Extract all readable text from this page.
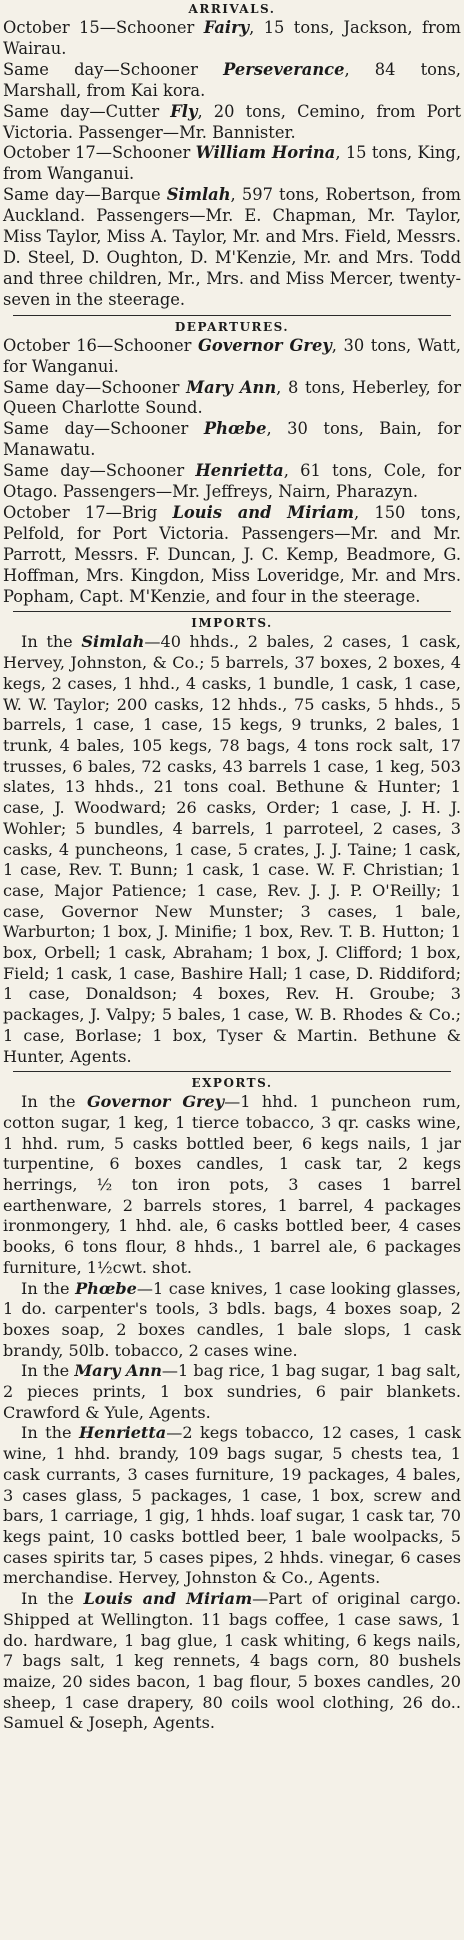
ARRIVALS.

October 15—Schooner Fairy, 15 tons, Jackson, from Wairau.

Same day—Schooner Perseverance, 84 tons, Marshall, from Kai kora.

Same day—Cutter Fly, 20 tons, Cemino, from Port Victoria. Passenger—Mr. Bannister.

October 17—Schooner William Horina, 15 tons, King, from Wanganui.

Same day—Barque Simlah, 597 tons, Robertson, from Auckland. Passengers—Mr. E. Chapman, Mr. Taylor, Miss Taylor, Miss A. Taylor, Mr. and Mrs. Field, Messrs. D. Steel, D. Oughton, D. M'Kenzie, Mr. and Mrs. Todd and three children, Mr., Mrs. and Miss Mercer, twenty-seven in the steerage.

DEPARTURES.

October 16—Schooner Governor Grey, 30 tons, Watt, for Wanganui.

Same day—Schooner Mary Ann, 8 tons, Heberley, for Queen Charlotte Sound.

Same day—Schooner Phœbe, 30 tons, Bain, for Manawatu.

Same day—Schooner Henrietta, 61 tons, Cole, for Otago. Passengers—Mr. Jeffreys, Nairn, Pharazyn.

October 17—Brig Louis and Miriam, 150 tons, Pelfold, for Port Victoria. Passengers—Mr. and Mr. Parrott, Messrs. F. Duncan, J. C. Kemp, Beadmore, G. Hoffman, Mrs. Kingdon, Miss Loveridge, Mr. and Mrs. Popham, Capt. M'Kenzie, and four in the steerage.

IMPORTS.

In the Simlah—40 hhds., 2 bales, 2 cases, 1 cask, Hervey, Johnston, & Co.; 5 barrels, 37 boxes, 2 boxes, 4 kegs, 2 cases, 1 hhd., 4 casks, 1 bundle, 1 cask, 1 case, W. W. Taylor; 200 casks, 12 hhds., 75 casks, 5 hhds., 5 barrels, 1 case, 1 case, 15 kegs, 9 trunks, 2 bales, 1 trunk, 4 bales, 105 kegs, 78 bags, 4 tons rock salt, 17 trusses, 6 bales, 72 casks, 43 barrels 1 case, 1 keg, 503 slates, 13 hhds., 21 tons coal. Bethune & Hunter; 1 case, J. Woodward; 26 casks, Order; 1 case, J. H. J. Wohler; 5 bundles, 4 barrels, 1 parroteel, 2 cases, 3 casks, 4 puncheons, 1 case, 5 crates, J. J. Taine; 1 cask, 1 case, Rev. T. Bunn; 1 cask, 1 case. W. F. Christian; 1 case, Major Patience; 1 case, Rev. J. J. P. O'Reilly; 1 case, Governor New Munster; 3 cases, 1 bale, Warburton; 1 box, J. Minifie; 1 box, Rev. T. B. Hutton; 1 box, Orbell; 1 cask, Abraham; 1 box, J. Clifford; 1 box, Field; 1 cask, 1 case, Bashire Hall; 1 case, D. Riddiford; 1 case, Donaldson; 4 boxes, Rev. H. Groube; 3 packages, J. Valpy; 5 bales, 1 case, W. B. Rhodes & Co.; 1 case, Borlase; 1 box, Tyser & Martin. Bethune & Hunter, Agents.

EXPORTS.

In the Governor Grey—1 hhd. 1 puncheon rum, cotton sugar, 1 keg, 1 tierce tobacco, 3 qr. casks wine, 1 hhd. rum, 5 casks bottled beer, 6 kegs nails, 1 jar turpentine, 6 boxes candles, 1 cask tar, 2 kegs herrings, ½ ton iron pots, 3 cases 1 barrel earthenware, 2 barrels stores, 1 barrel, 4 packages ironmongery, 1 hhd. ale, 6 casks bottled beer, 4 cases books, 6 tons flour, 8 hhds., 1 barrel ale, 6 packages furniture, 1½cwt. shot.

In the Phœbe—1 case knives, 1 case looking glasses, 1 do. carpenter's tools, 3 bdls. bags, 4 boxes soap, 2 boxes soap, 2 boxes candles, 1 bale slops, 1 cask brandy, 50lb. tobacco, 2 cases wine.

In the Mary Ann—1 bag rice, 1 bag sugar, 1 bag salt, 2 pieces prints, 1 box sundries, 6 pair blankets. Crawford & Yule, Agents.

In the Henrietta—2 kegs tobacco, 12 cases, 1 cask wine, 1 hhd. brandy, 109 bags sugar, 5 chests tea, 1 cask currants, 3 cases furniture, 19 packages, 4 bales, 3 cases glass, 5 packages, 1 case, 1 box, screw and bars, 1 carriage, 1 gig, 1 hhds. loaf sugar, 1 cask tar, 70 kegs paint, 10 casks bottled beer, 1 bale woolpacks, 5 cases spirits tar, 5 cases pipes, 2 hhds. vinegar, 6 cases merchandise. Hervey, Johnston & Co., Agents.

In the Louis and Miriam—Part of original cargo. Shipped at Wellington. 11 bags coffee, 1 case saws, 1 do. hardware, 1 bag glue, 1 cask whiting, 6 kegs nails, 7 bags salt, 1 keg rennets, 4 bags corn, 80 bushels maize, 20 sides bacon, 1 bag flour, 5 boxes candles, 20 sheep, 1 case drapery, 80 coils wool clothing, 26 do.. Samuel & Joseph, Agents.
